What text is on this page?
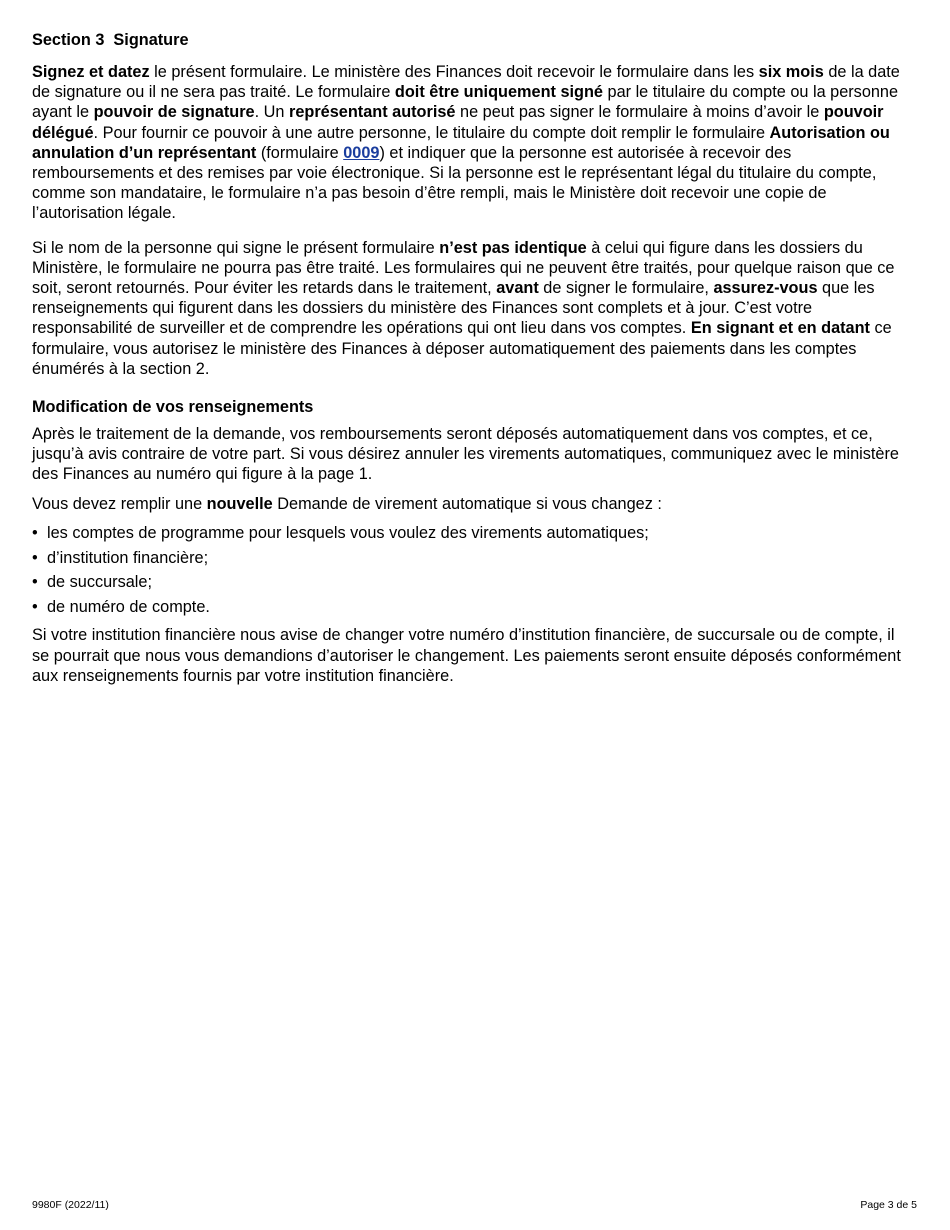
Section 3  Signature

Signez et datez le présent formulaire. Le ministère des Finances doit recevoir le formulaire dans les six mois de la date de signature ou il ne sera pas traité. Le formulaire doit être uniquement signé par le titulaire du compte ou la personne ayant le pouvoir de signature. Un représentant autorisé ne peut pas signer le formulaire à moins d’avoir le pouvoir délégué. Pour fournir ce pouvoir à une autre personne, le titulaire du compte doit remplir le formulaire Autorisation ou annulation d’un représentant (formulaire 0009) et indiquer que la personne est autorisée à recevoir des remboursements et des remises par voie électronique. Si la personne est le représentant légal du titulaire du compte, comme son mandataire, le formulaire n’a pas besoin d’être rempli, mais le Ministère doit recevoir une copie de l’autorisation légale.

Si le nom de la personne qui signe le présent formulaire n’est pas identique à celui qui figure dans les dossiers du Ministère, le formulaire ne pourra pas être traité. Les formulaires qui ne peuvent être traités, pour quelque raison que ce soit, seront retournés. Pour éviter les retards dans le traitement, avant de signer le formulaire, assurez-vous que les renseignements qui figurent dans les dossiers du ministère des Finances sont complets et à jour. C’est votre responsabilité de surveiller et de comprendre les opérations qui ont lieu dans vos comptes. En signant et en datant ce formulaire, vous autorisez le ministère des Finances à déposer automatiquement des paiements dans les comptes énumérés à la section 2.

Modification de vos renseignements

Après le traitement de la demande, vos remboursements seront déposés automatiquement dans vos comptes, et ce, jusqu’à avis contraire de votre part. Si vous désirez annuler les virements automatiques, communiquez avec le ministère des Finances au numéro qui figure à la page 1.

Vous devez remplir une nouvelle Demande de virement automatique si vous changez :

• les comptes de programme pour lesquels vous voulez des virements automatiques;
• d’institution financière;
• de succursale;
• de numéro de compte.

Si votre institution financière nous avise de changer votre numéro d’institution financière, de succursale ou de compte, il se pourrait que nous vous demandions d’autoriser le changement. Les paiements seront ensuite déposés conformément aux renseignements fournis par votre institution financière.

9980F (2022/11)	Page 3 de 5
